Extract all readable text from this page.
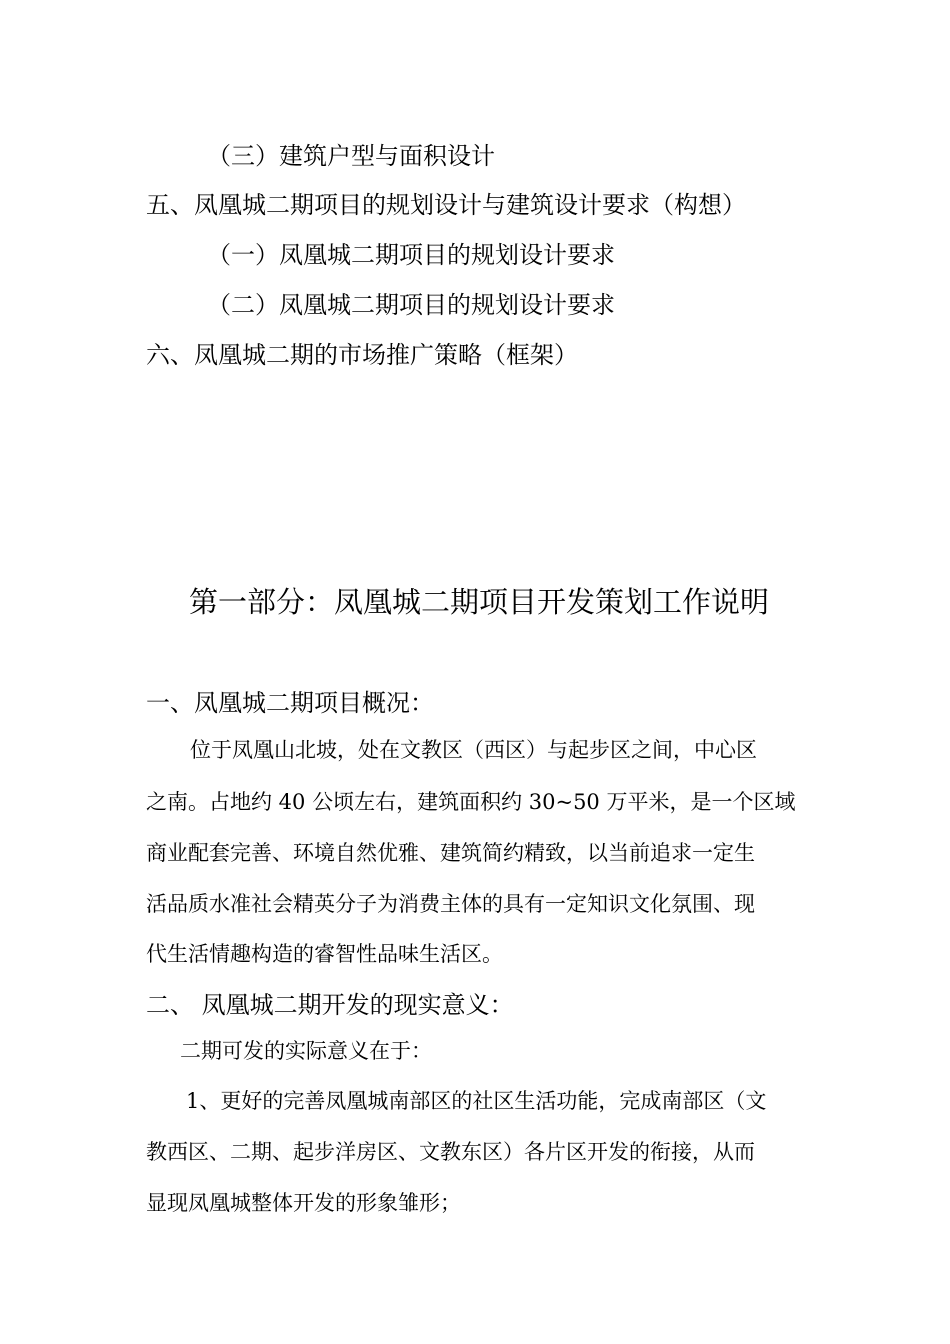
（三）建筑户型与面积设计
五、凤凰城二期项目的规划设计与建筑设计要求（构想）
（一）凤凰城二期项目的规划设计要求
（二）凤凰城二期项目的规划设计要求
六、凤凰城二期的市场推广策略（框架）
第一部分：凤凰城二期项目开发策划工作说明
一、凤凰城二期项目概况：
位于凤凰山北坡，处在文教区（西区）与起步区之间，中心区
之南。占地约 40 公顷左右，建筑面积约 30~50 万平米，是一个区域
商业配套完善、环境自然优雅、建筑简约精致，以当前追求一定生
活品质水准社会精英分子为消费主体的具有一定知识文化氛围、现
代生活情趣构造的睿智性品味生活区。
二、 凤凰城二期开发的现实意义：
二期可发的实际意义在于：
1、更好的完善凤凰城南部区的社区生活功能，完成南部区（文
教西区、二期、起步洋房区、文教东区）各片区开发的衔接，从而
显现凤凰城整体开发的形象雏形；
